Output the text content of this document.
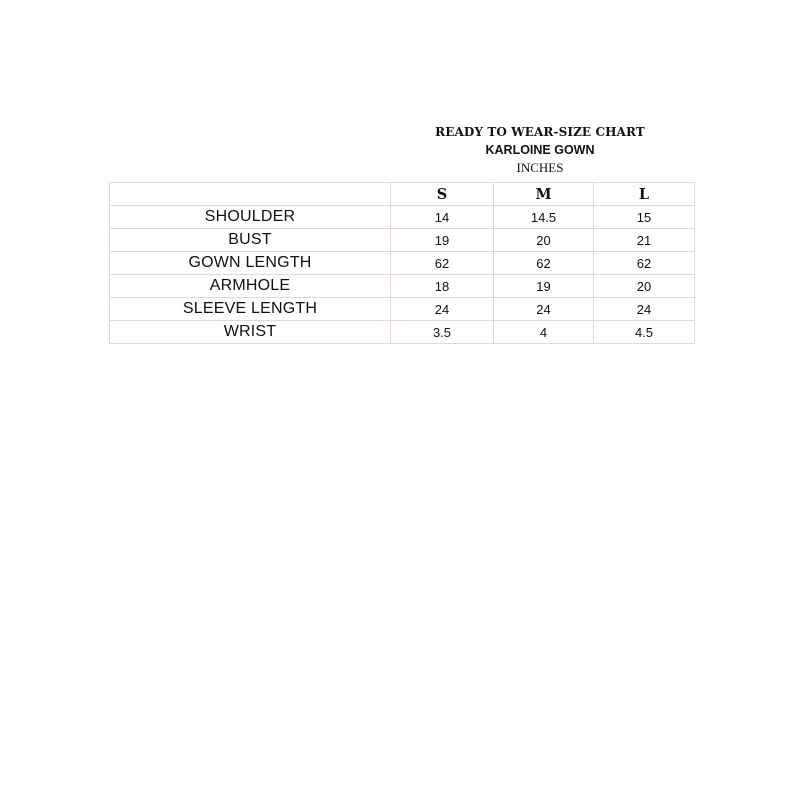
READY TO WEAR-SIZE CHART
KARLOINE GOWN
INCHES
	S	M	L
SHOULDER	14	14.5	15
BUST	19	20	21
GOWN LENGTH	62	62	62
ARMHOLE	18	19	20
SLEEVE LENGTH	24	24	24
WRIST	3.5	4	4.5
